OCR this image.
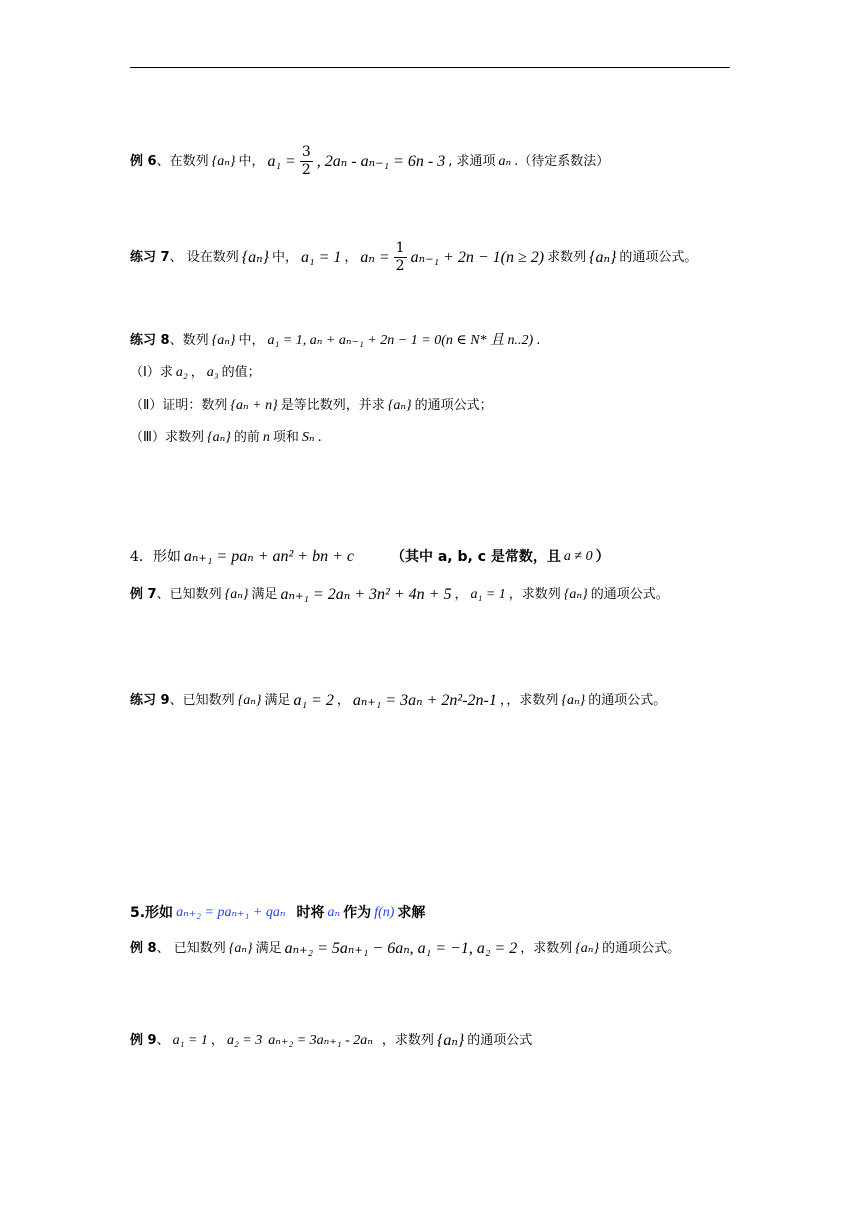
例 6 、在数列 {aₙ} 中， $a_1 = \frac{3}{2}$ , 2aₙ - aₙ₋₁ = 6n - 3 , 求通项 aₙ .（待定系数法）
练习 7 、 设在数列 {aₙ} 中， a₁ = 1 ， $a_n = \frac{1}{2} a_{n-1} + 2n - 1(n \ge 2)$ 求数列 {aₙ} 的通项公式。
练习 8 、数列 {aₙ} 中， a₁ = 1, aₙ + aₙ₋₁ + 2n − 1 = 0(n ∈ N* 且 n..2) .
（Ⅰ）求 a₂ ， a₃ 的值；
（Ⅱ）证明：数列 {aₙ + n} 是等比数列，并求 {aₙ} 的通项公式；
（Ⅲ）求数列 {aₙ} 的前 n 项和 Sₙ .
4．形如 aₙ₊₁ = paₙ + an² + bn + c	（其中 a, b, c 是常数，且 a ≠ 0 ）
例 7 、已知数列 {aₙ} 满足 aₙ₊₁ = 2aₙ + 3n² + 4n + 5 ， a₁ = 1 ，求数列 {aₙ} 的通项公式。
练习 9 、已知数列 {aₙ} 满足 a₁ = 2 ， aₙ₊₁ = 3aₙ + 2n²-2n-1 ，，求数列 {aₙ} 的通项公式。
5.形如 aₙ₊₂ = paₙ₊₁ + qaₙ 时将 aₙ 作为 f(n) 求解
例 8 、 已知数列 {aₙ} 满足 aₙ₊₂ = 5aₙ₊₁ − 6aₙ, a₁ = −1, a₂ = 2 ，求数列 {aₙ} 的通项公式。
例 9 、 a₁ = 1 ， a₂ = 3 aₙ₊₂ = 3aₙ₊₁ - 2aₙ ，求数列 {aₙ} 的通项公式
